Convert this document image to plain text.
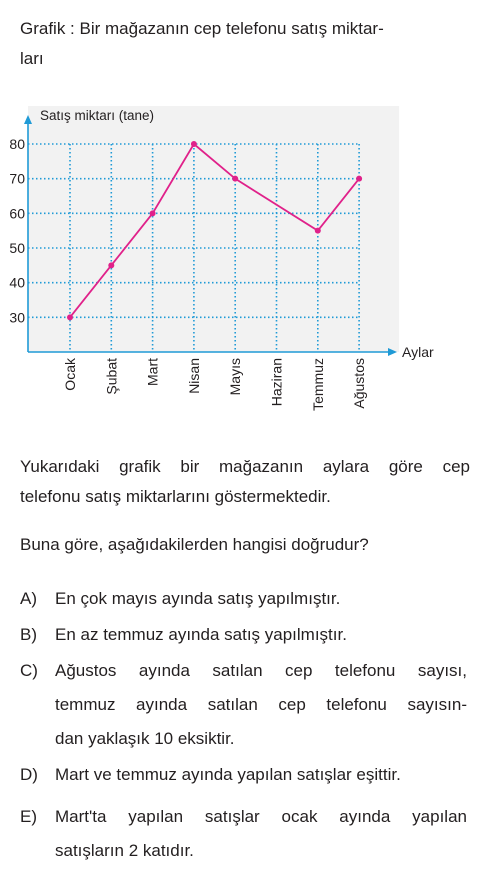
Grafik : Bir mağazanın cep telefonu satış miktar-
ları
Satış miktarı (tane)
Aylar
30
40
50
60
70
80
Ocak Şubat Mart Nisan Mayıs Haziran Temmuz Ağustos
Yukarıdaki grafik bir mağazanın aylara göre cep
telefonu satış miktarlarını göstermektedir.
Buna göre, aşağıdakilerden hangisi doğrudur?
A) En çok mayıs ayında satış yapılmıştır.
B) En az temmuz ayında satış yapılmıştır.
C) Ağustos ayında satılan cep telefonu sayısı,
temmuz ayında satılan cep telefonu sayısın-
dan yaklaşık 10 eksiktir.
D) Mart ve temmuz ayında yapılan satışlar eşittir.
E) Mart'ta yapılan satışlar ocak ayında yapılan
satışların 2 katıdır.
